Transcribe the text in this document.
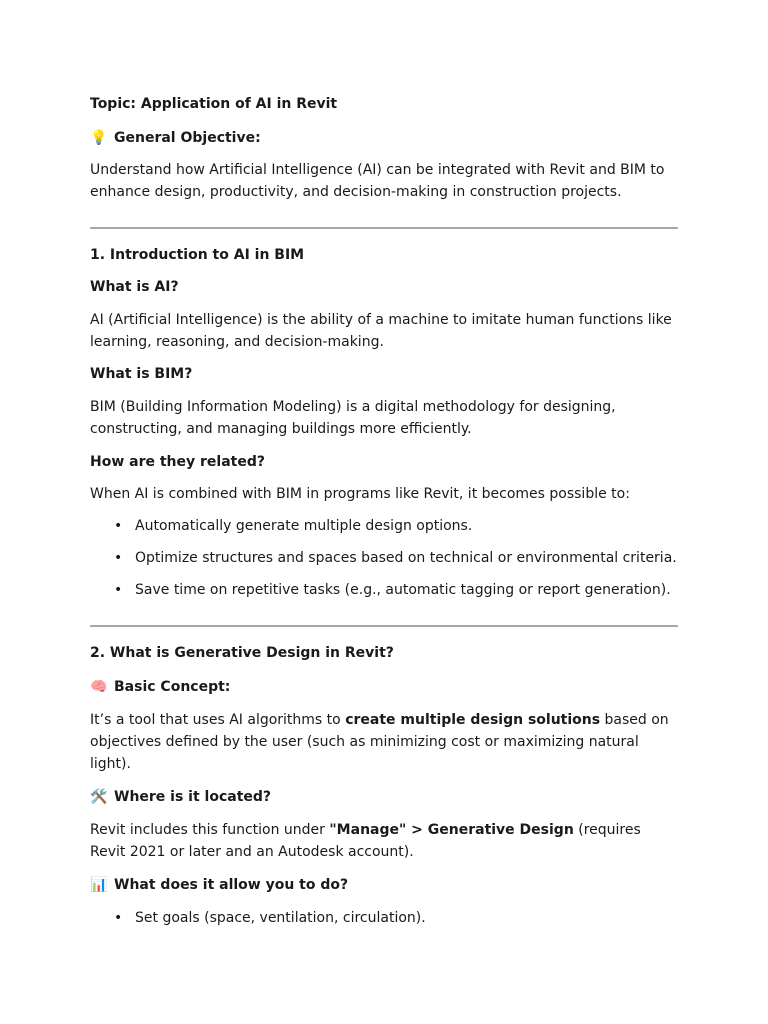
Topic: Application of AI in Revit

💡 General Objective:

Understand how Artificial Intelligence (AI) can be integrated with Revit and BIM to enhance design, productivity, and decision-making in construction projects.

1. Introduction to AI in BIM

What is AI?

AI (Artificial Intelligence) is the ability of a machine to imitate human functions like learning, reasoning, and decision-making.

What is BIM?

BIM (Building Information Modeling) is a digital methodology for designing, constructing, and managing buildings more efficiently.

How are they related?

When AI is combined with BIM in programs like Revit, it becomes possible to:

• Automatically generate multiple design options.
• Optimize structures and spaces based on technical or environmental criteria.
• Save time on repetitive tasks (e.g., automatic tagging or report generation).

2. What is Generative Design in Revit?

🧠 Basic Concept:

It’s a tool that uses AI algorithms to create multiple design solutions based on objectives defined by the user (such as minimizing cost or maximizing natural light).

🛠️ Where is it located?

Revit includes this function under "Manage" > Generative Design (requires Revit 2021 or later and an Autodesk account).

📊 What does it allow you to do?

• Set goals (space, ventilation, circulation).
